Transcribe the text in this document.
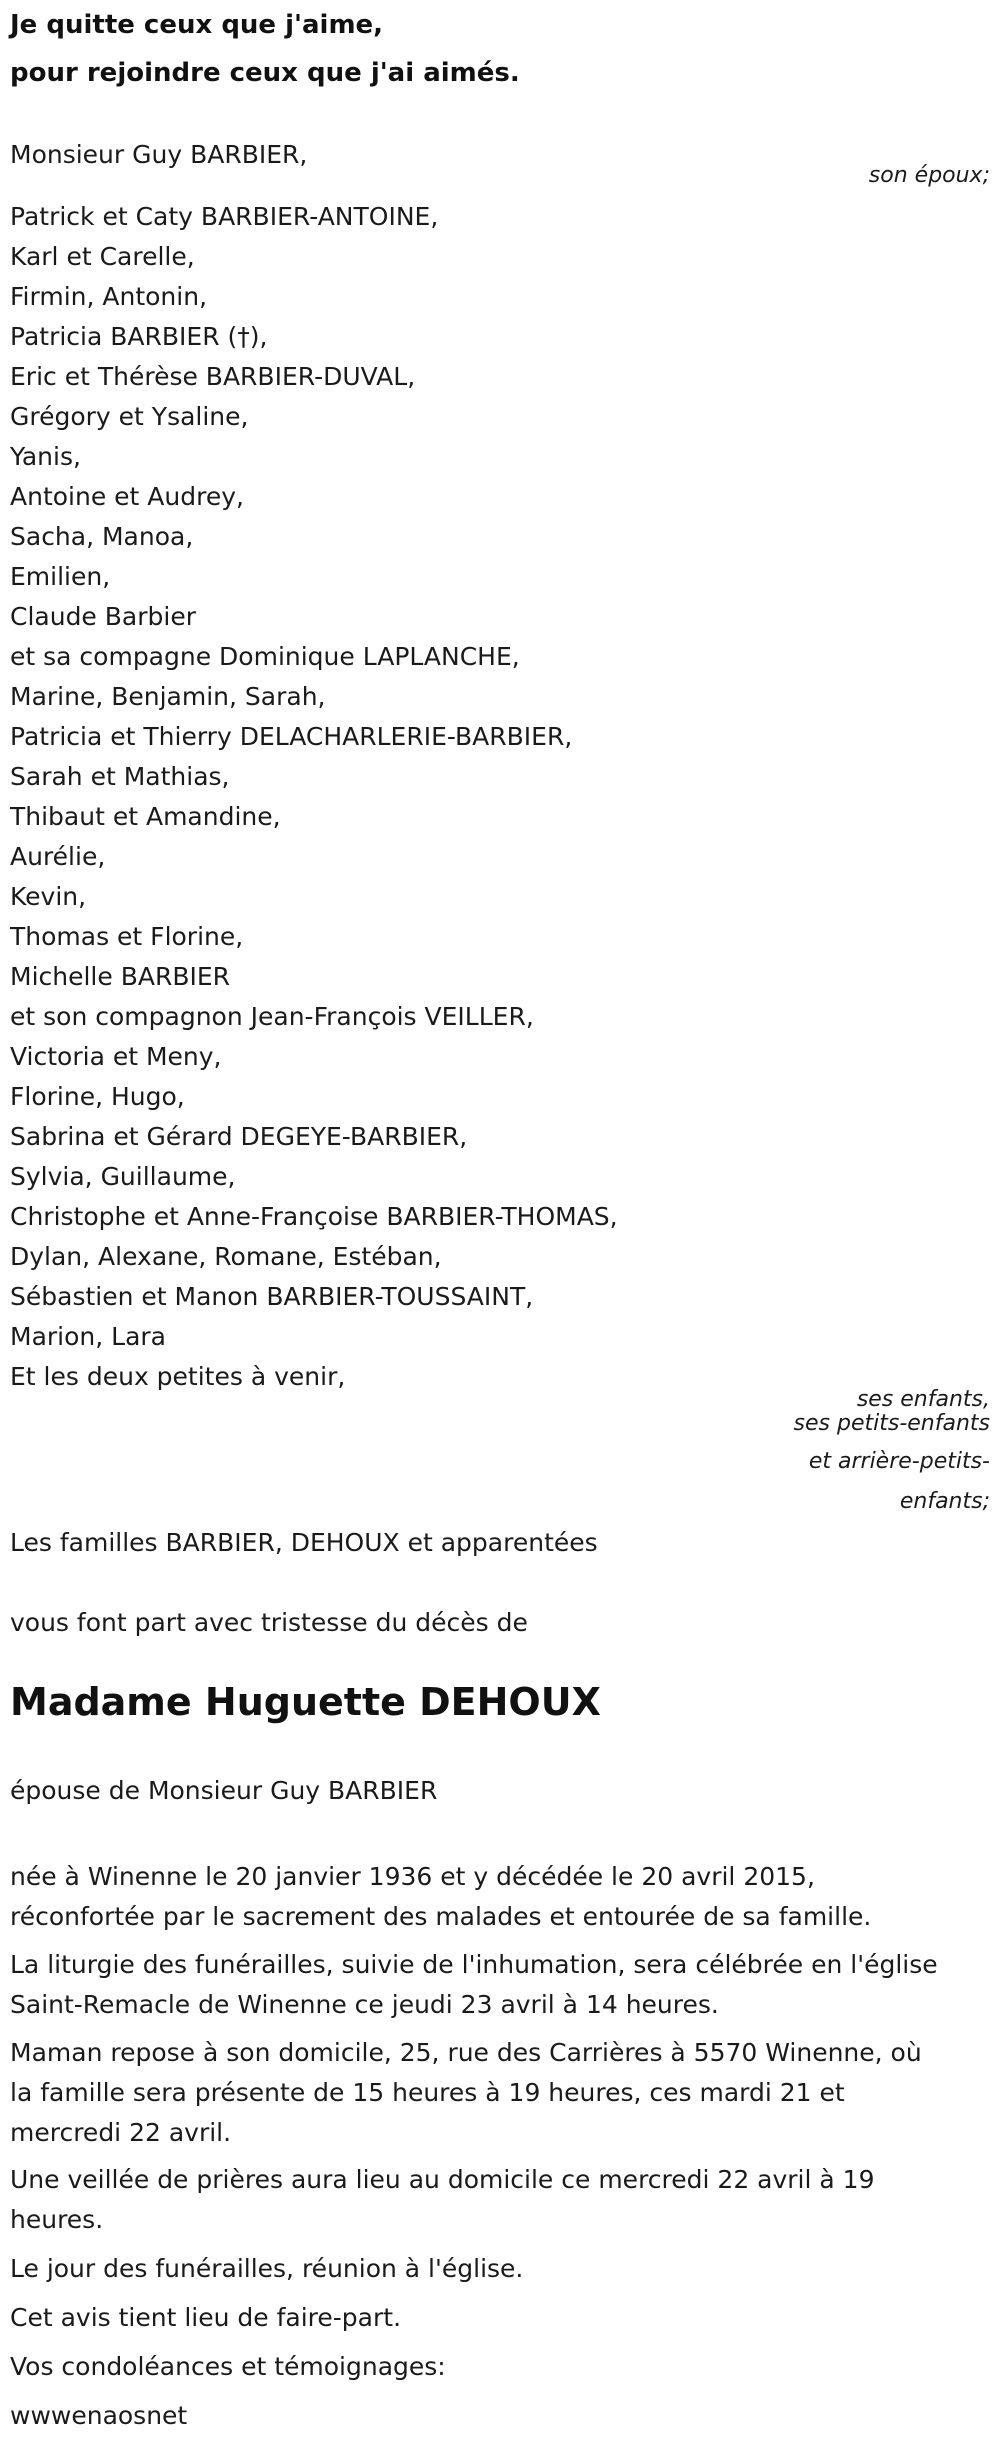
Je quitte ceux que j'aime,
pour rejoindre ceux que j'ai aimés.
Monsieur Guy BARBIER,
son époux;
Patrick et Caty BARBIER-ANTOINE,
Karl et Carelle,
Firmin, Antonin,
Patricia BARBIER (†),
Eric et Thérèse BARBIER-DUVAL,
Grégory et Ysaline,
Yanis,
Antoine et Audrey,
Sacha, Manoa,
Emilien,
Claude Barbier
et sa compagne Dominique LAPLANCHE,
Marine, Benjamin, Sarah,
Patricia et Thierry DELACHARLERIE-BARBIER,
Sarah et Mathias,
Thibaut et Amandine,
Aurélie,
Kevin,
Thomas et Florine,
Michelle BARBIER
et son compagnon Jean-François VEILLER,
Victoria et Meny,
Florine, Hugo,
Sabrina et Gérard DEGEYE-BARBIER,
Sylvia, Guillaume,
Christophe et Anne-Françoise BARBIER-THOMAS,
Dylan, Alexane, Romane, Estéban,
Sébastien et Manon BARBIER-TOUSSAINT,
Marion, Lara
Et les deux petites à venir,
ses enfants,
ses petits-enfants
et arrière-petits-
enfants;
Les familles BARBIER, DEHOUX et apparentées
vous font part avec tristesse du décès de
Madame Huguette DEHOUX
épouse de Monsieur Guy BARBIER
née à Winenne le 20 janvier 1936 et y décédée le 20 avril 2015, réconfortée par le sacrement des malades et entourée de sa famille.
La liturgie des funérailles, suivie de l'inhumation, sera célébrée en l'église Saint-Remacle de Winenne ce jeudi 23 avril à 14 heures.
Maman repose à son domicile, 25, rue des Carrières à 5570 Winenne, où la famille sera présente de 15 heures à 19 heures, ces mardi 21 et mercredi 22 avril.
Une veillée de prières aura lieu au domicile ce mercredi 22 avril à 19 heures.
Le jour des funérailles, réunion à l'église.
Cet avis tient lieu de faire-part.
Vos condoléances et témoignages:
wwwenaosnet
